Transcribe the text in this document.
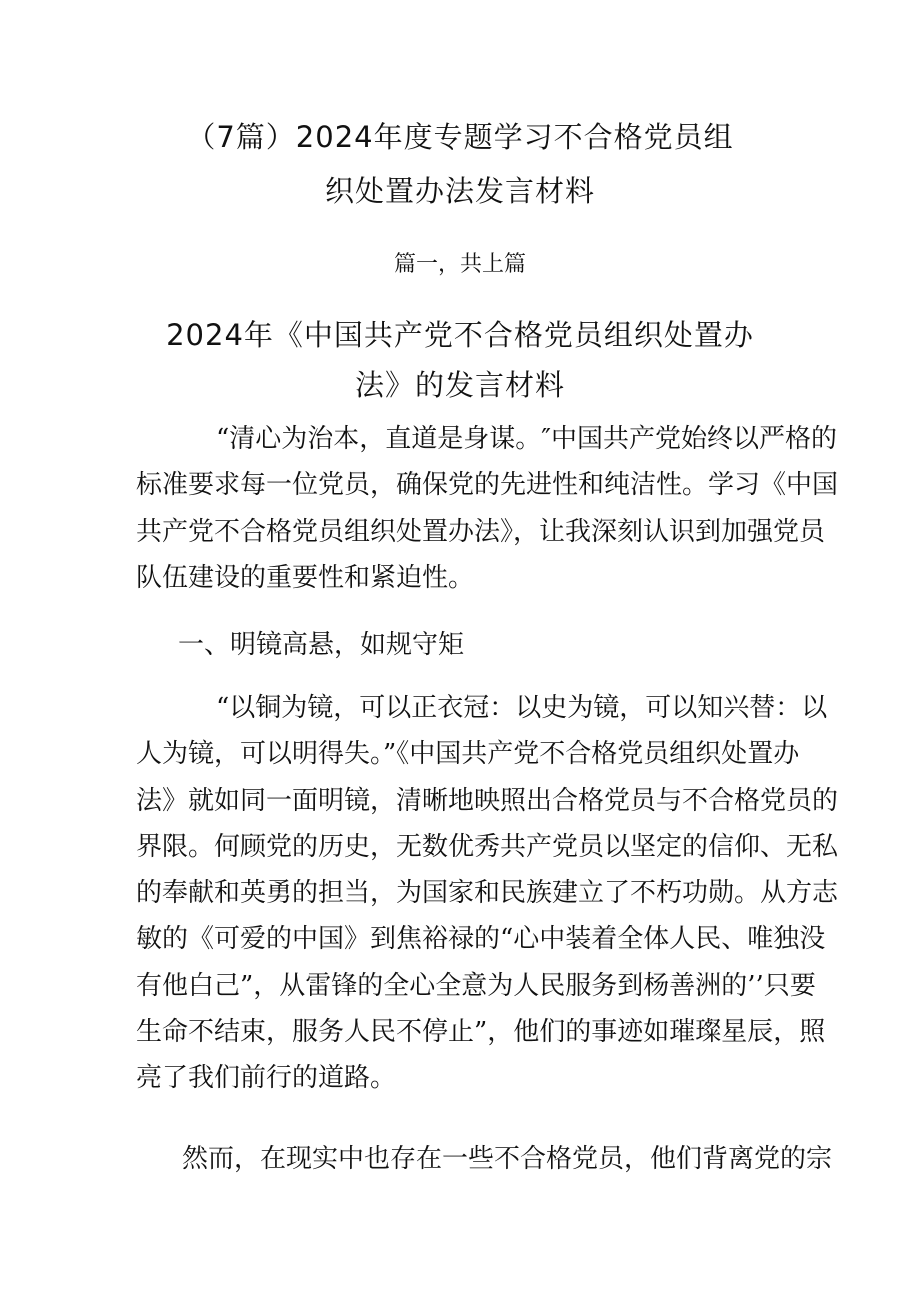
（7篇）2024年度专题学习不合格党员组
织处置办法发言材料
篇一，共上篇
2024年《中国共产党不合格党员组织处置办
法》的发言材料
　“清心为治本，直道是身谋。″中国共产党始终以严格的
标准要求每一位党员，确保党的先进性和纯洁性。学习《中国
共产党不合格党员组织处置办法》，让我深刻认识到加强党员
队伍建设的重要性和紧迫性。
一、明镜高悬，如规守矩
　“以铜为镜，可以正衣冠：以史为镜，可以知兴替：以
人为镜，可以明得失。”《中国共产党不合格党员组织处置办
法》就如同一面明镜，清晰地映照出合格党员与不合格党员的
界限。何顾党的历史，无数优秀共产党员以坚定的信仰、无私
的奉献和英勇的担当，为国家和民族建立了不朽功勋。从方志
敏的《可爱的中国》到焦裕禄的“心中装着全体人民、唯独没
有他白己”，从雷锋的全心全意为人民服务到杨善洲的’’只要
生命不结束，服务人民不停止”，他们的事迹如璀璨星辰，照
亮了我们前行的道路。
然而，在现实中也存在一些不合格党员，他们背离党的宗
